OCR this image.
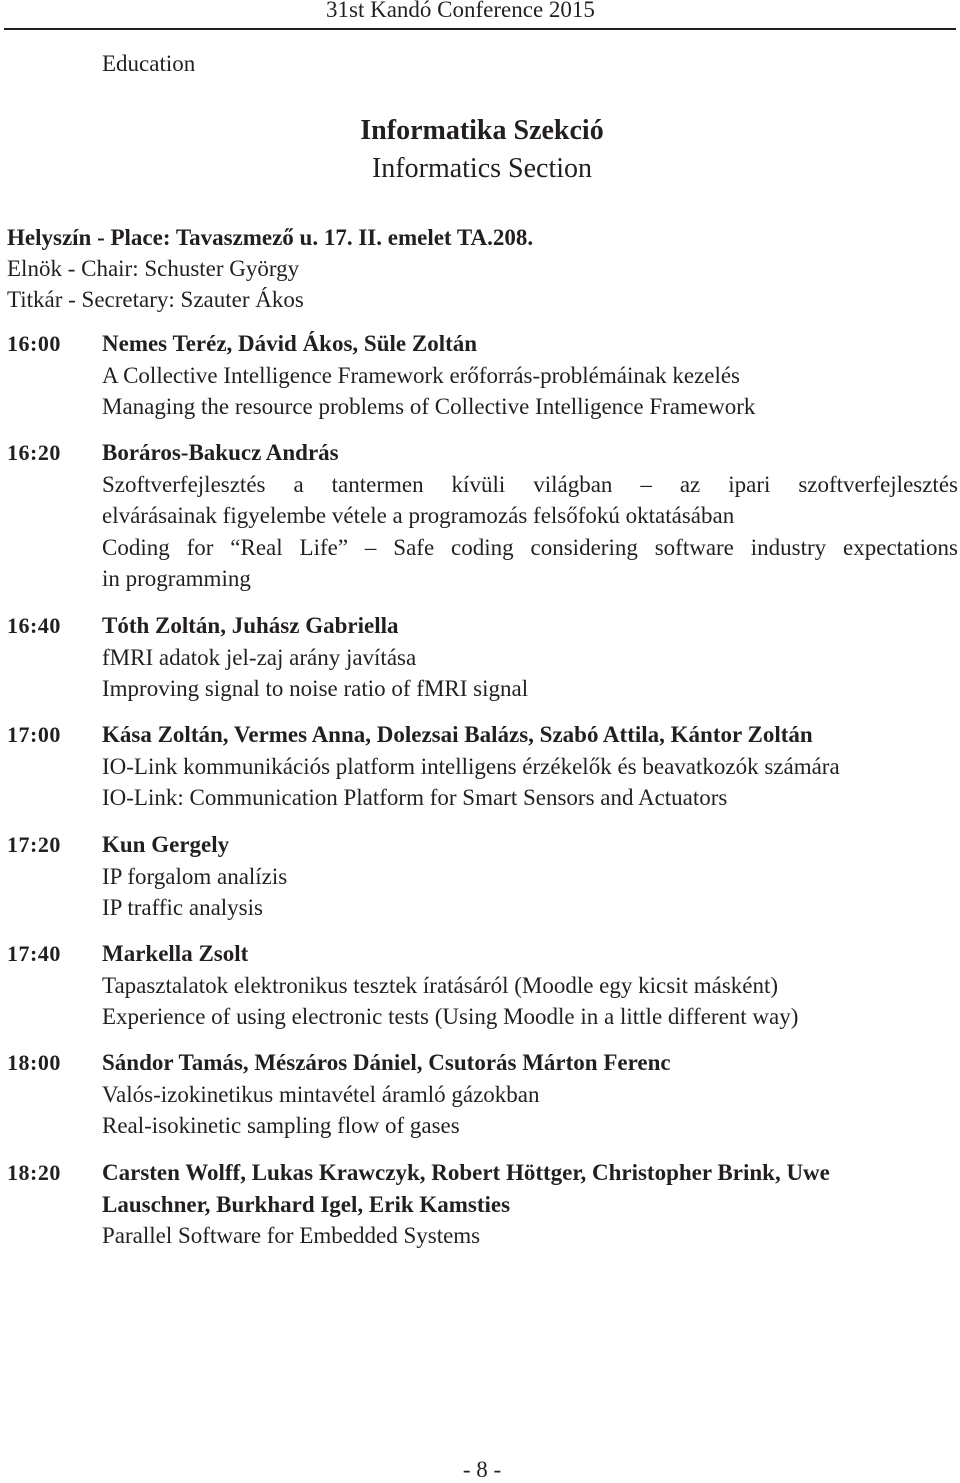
31st Kandó Conference 2015
Education
Informatika Szekció
Informatics Section
Helyszín - Place: Tavaszmező u. 17. II. emelet TA.208.
Elnök - Chair: Schuster György
Titkár - Secretary: Szauter Ákos
16:00 Nemes Teréz, Dávid Ákos, Süle Zoltán
A Collective Intelligence Framework erőforrás-problémáinak kezelés
Managing the resource problems of Collective Intelligence Framework
16:20 Boráros-Bakucz András
Szoftverfejlesztés a tantermen kívüli világban – az ipari szoftverfejlesztés
elvárásainak figyelembe vétele a programozás felsőfokú oktatásában
Coding for “Real Life” – Safe coding considering software industry expectations
in programming
16:40 Tóth Zoltán, Juhász Gabriella
fMRI adatok jel-zaj arány javítása
Improving signal to noise ratio of fMRI signal
17:00 Kása Zoltán, Vermes Anna, Dolezsai Balázs, Szabó Attila, Kántor Zoltán
IO-Link kommunikációs platform intelligens érzékelők és beavatkozók számára
IO-Link: Communication Platform for Smart Sensors and Actuators
17:20 Kun Gergely
IP forgalom analízis
IP traffic analysis
17:40 Markella Zsolt
Tapasztalatok elektronikus tesztek íratásáról (Moodle egy kicsit másként)
Experience of using electronic tests (Using Moodle in a little different way)
18:00 Sándor Tamás, Mészáros Dániel, Csutorás Márton Ferenc
Valós-izokinetikus mintavétel áramló gázokban
Real-isokinetic sampling flow of gases
18:20 Carsten Wolff, Lukas Krawczyk, Robert Höttger, Christopher Brink, Uwe
Lauschner, Burkhard Igel, Erik Kamsties
Parallel Software for Embedded Systems
- 8 -
